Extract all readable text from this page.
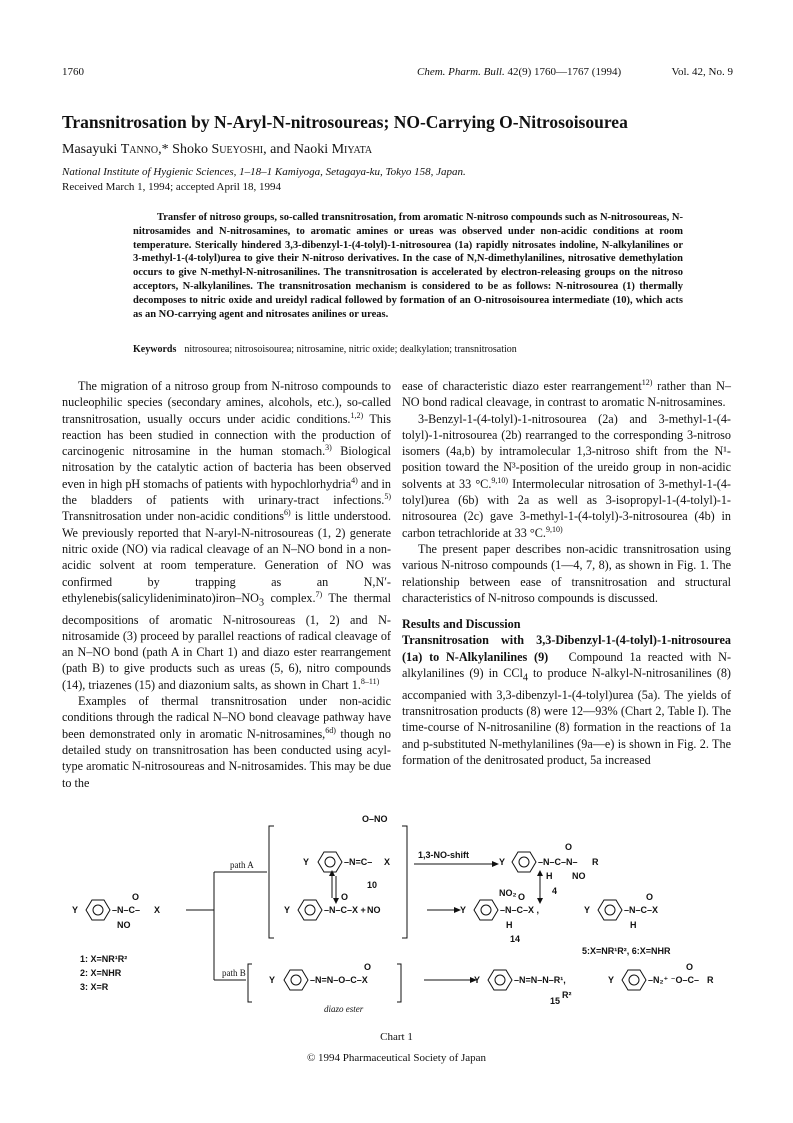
1760	Chem. Pharm. Bull. 42(9) 1760—1767 (1994)	Vol. 42, No. 9
Transnitrosation by N-Aryl-N-nitrosoureas; NO-Carrying O-Nitrosoisourea
Masayuki Tanno,* Shoko Sueyoshi, and Naoki Miyata
National Institute of Hygienic Sciences, 1–18–1 Kamiyoga, Setagaya-ku, Tokyo 158, Japan.
Received March 1, 1994; accepted April 18, 1994
Transfer of nitroso groups, so-called transnitrosation, from aromatic N-nitroso compounds such as N-nitrosoureas, N-nitrosamides and N-nitrosamines, to aromatic amines or ureas was observed under non-acidic conditions at room temperature. Sterically hindered 3,3-dibenzyl-1-(4-tolyl)-1-nitrosourea (1a) rapidly nitrosates indoline, N-alkylanilines or 3-methyl-1-(4-tolyl)urea to give their N-nitroso derivatives. In the case of N,N-dimethylanilines, nitrosative demethylation occurs to give N-methyl-N-nitrosanilines. The transnitrosation is accelerated by electron-releasing groups on the nitroso acceptors, N-alkylanilines. The transnitrosation mechanism is considered to be as follows: N-nitrosourea (1) thermally decomposes to nitric oxide and ureidyl radical followed by formation of an O-nitrosoisourea intermediate (10), which acts as an NO-carrying agent and nitrosates anilines or ureas.
Keywords nitrosourea; nitrosoisourea; nitrosamine, nitric oxide; dealkylation; transnitrosation

The migration of a nitroso group from N-nitroso compounds to nucleophilic species (secondary amines, alcohols, etc.), so-called transnitrosation, usually occurs under acidic conditions.$^{1,2)}$ This reaction has been studied in connection with the production of carcinogenic nitrosamine in the human stomach.$^{3)}$ Biological nitrosation by the catalytic action of bacteria has been observed even in high pH stomachs of patients with hypochlorhydria$^{4)}$ and in the bladders of patients with urinary-tract infections.$^{5)}$ Transnitrosation under non-acidic conditions$^{6)}$ is little understood. We previously reported that N-aryl-N-nitrosoureas (1, 2) generate nitric oxide (NO) via radical cleavage of an N–NO bond in a non-acidic solvent at room temperature. Generation of NO was confirmed by trapping as an $N,N'-ethylenebis(salicylideniminato)iron-NO_3$ complex.$^{7)}$ The thermal decompositions of aromatic N-nitrosoureas (1, 2) and N-nitrosamide (3) proceed by parallel reactions of radical cleavage of an N–NO bond (path A in Chart 1) and diazo ester rearrangement (path B) to give products such as ureas (5, 6), nitro compounds (14), triazenes (15) and diazonium salts, as shown in Chart 1.$^{8-11)}$

Examples of thermal transnitrosation under non-acidic conditions through the radical N–NO bond cleavage pathway have been demonstrated only in aromatic N-nitrosamines,$^{6d)}$ though no detailed study on transnitrosation has been conducted using acyl-type aromatic N-nitrosoureas and N-nitrosamides. This may be due to the

ease of characteristic diazo ester rearrangement$^{12)}$ rather than N–NO bond radical cleavage, in contrast to aromatic N-nitrosamines.

3-Benzyl-1-(4-tolyl)-1-nitrosourea (2a) and 3-methyl-1-(4-tolyl)-1-nitrosourea (2b) rearranged to the corresponding 3-nitroso isomers (4a,b) by intramolecular 1,3-nitroso shift from the N¹-position toward the N³-position of the ureido group in non-acidic solvents at 33 °C.$^{9,10)}$ Intermolecular nitrosation of 3-methyl-1-(4-tolyl)urea (6b) with 2a as well as 3-isopropyl-1-(4-tolyl)-1-nitrosourea (2c) gave 3-methyl-1-(4-tolyl)-3-nitrosourea (4b) in carbon tetrachloride at 33 °C.$^{9,10)}$

The present paper describes non-acidic transnitrosation using various N-nitroso compounds (1—4, 7, 8), as shown in Fig. 1. The relationship between ease of transnitrosation and structural characteristics of N-nitroso compounds is discussed.

Results and Discussion

Transnitrosation with 3,3-Dibenzyl-1-(4-tolyl)-1-nitrosourea (1a) to N-Alkylanilines (9) Compound 1a reacted with N-alkylanilines (9) in CCl$_4$ to produce N-alkyl-N-nitrosanilines (8) accompanied with 3,3-dibenzyl-1-(4-tolyl)urea (5a). The yields of transnitrosation products (8) were 12—93% (Chart 2, Table I). The time-course of N-nitrosaniline (8) formation in the reactions of 1a and p-substituted N-methylanilines (9a—e) is shown in Fig. 2. The formation of the denitrosated product, 5a increased

Y	–N–C– X
O
NO
1: X=NR¹R²
2: X=NHR
3: X=R
path A
path B
O–NO
Y	–N=C– X
10
Y	–N–C–X + NO
O
1,3-NO-shift
Y	–N–C–N– R
O
H NO
4
NO₂
Y	–N–C–X ,
O
H
14
Y	–N–C–X
O
H
5:X=NR¹R², 6:X=NHR
Y	–N=N–O–C–X
O
diazo ester
Y	–N=N–N–R¹,
15
R²
Y	–N₂⁺ ⁻O–C– R
O
Chart 1
© 1994 Pharmaceutical Society of Japan
